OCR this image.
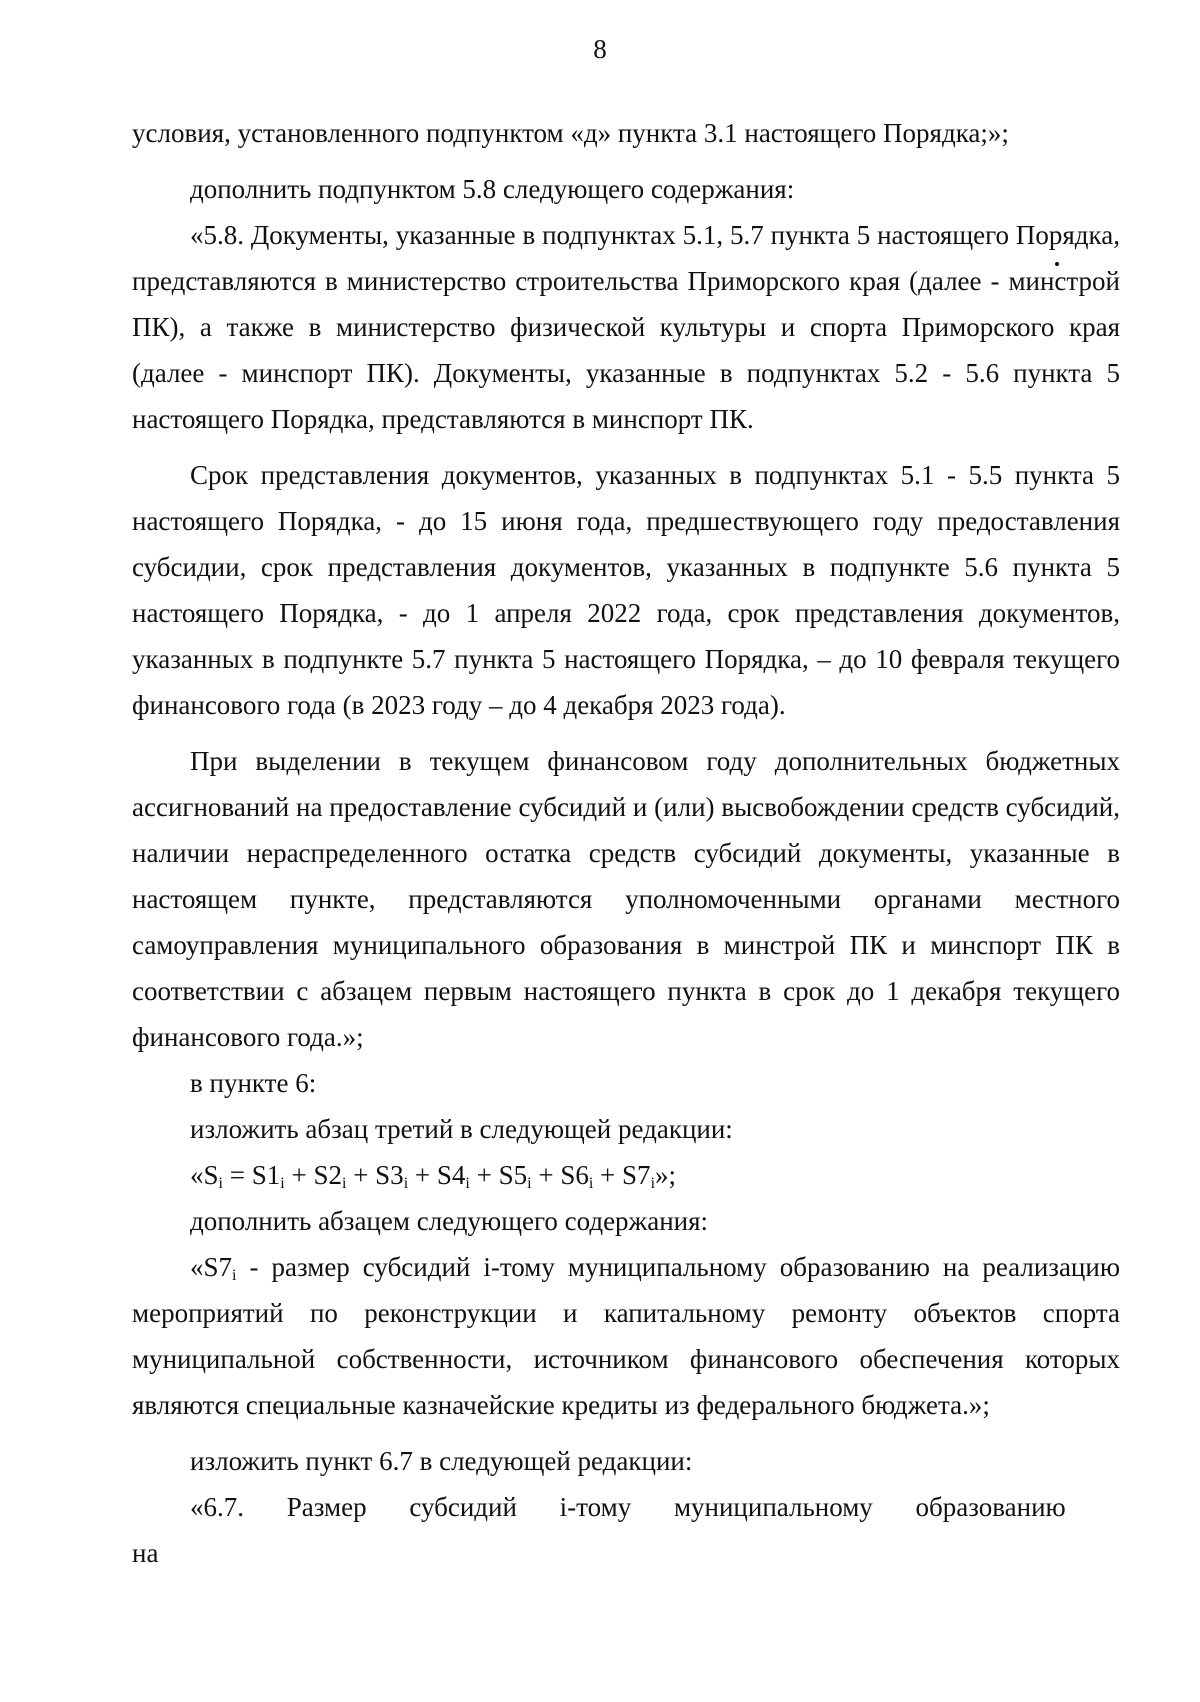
8

условия, установленного подпунктом «д» пункта 3.1 настоящего Порядка;»;

дополнить подпунктом 5.8 следующего содержания:

«5.8. Документы, указанные в подпунктах 5.1, 5.7 пункта 5 настоящего Порядка, представляются в министерство строительства Приморского края (далее - минстрой ПК), а также в министерство физической культуры и спорта Приморского края (далее - минспорт ПК). Документы, указанные в подпунктах 5.2 - 5.6 пункта 5 настоящего Порядка, представляются в минспорт ПК.

Срок представления документов, указанных в подпунктах 5.1 - 5.5 пункта 5 настоящего Порядка, - до 15 июня года, предшествующего году предоставления субсидии, срок представления документов, указанных в подпункте 5.6 пункта 5 настоящего Порядка, - до 1 апреля 2022 года, срок представления документов, указанных в подпункте 5.7 пункта 5 настоящего Порядка, – до 10 февраля текущего финансового года (в 2023 году – до 4 декабря 2023 года).

При выделении в текущем финансовом году дополнительных бюджетных ассигнований на предоставление субсидий и (или) высвобождении средств субсидий, наличии нераспределенного остатка средств субсидий документы, указанные в настоящем пункте, представляются уполномоченными органами местного самоуправления муниципального образования в минстрой ПК и минспорт ПК в соответствии с абзацем первым настоящего пункта в срок до 1 декабря текущего финансового года.»;

в пункте 6:

изложить абзац третий в следующей редакции:

«$S_i = S1_i + S2_i + S3_i + S4_i + S5_i + S6_i + S7_i$»;

дополнить абзацем следующего содержания:

«$S7_i$ - размер субсидий i-тому муниципальному образованию на реализацию мероприятий по реконструкции и капитальному ремонту объектов спорта муниципальной собственности, источником финансового обеспечения которых являются специальные казначейские кредиты из федерального бюджета.»;

изложить пункт 6.7 в следующей редакции:

«6.7. Размер субсидий i-тому муниципальному образованию на
